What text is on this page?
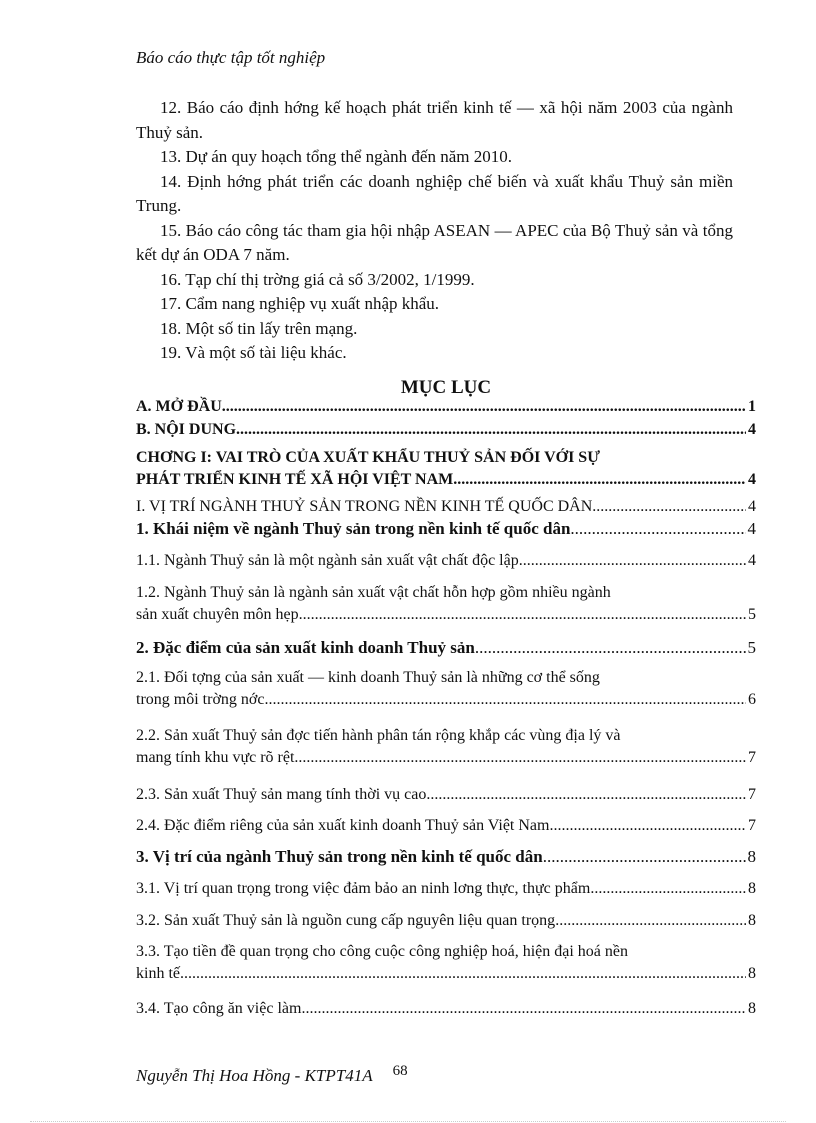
Báo cáo thực tập tốt nghiệp

12. Báo cáo định hớng kế hoạch phát triển kinh tế — xã hội năm 2003 của ngành Thuỷ sản.

13. Dự án quy hoạch tổng thể ngành đến năm 2010.

14. Định hớng phát triển các doanh nghiệp chế biến và xuất khẩu Thuỷ sản miền Trung.

15. Báo cáo công tác tham gia hội nhập ASEAN — APEC của Bộ Thuỷ sản và tổng kết dự án ODA 7 năm.

16. Tạp chí thị trờng giá cả số 3/2002, 1/1999.

17. Cẩm nang nghiệp vụ xuất nhập khẩu.

18. Một số tin lấy trên mạng.

19. Và một số tài liệu khác.

MỤC LỤC
A. MỞ ĐẦU .....	1
B. NỘI DUNG .....	4
CHƠNG I: VAI TRÒ CỦA XUẤT KHẨU THUỶ SẢN ĐỐI VỚI SỰ
PHÁT TRIỂN KINH TẾ XÃ HỘI VIỆT NAM .....	4
I. VỊ TRÍ NGÀNH THUỶ SẢN TRONG NỀN KINH TẾ QUỐC DÂN .....	4
1. Khái niệm về ngành Thuỷ sản trong nền kinh tế quốc dân .....	4
1.1. Ngành Thuỷ sản là một ngành sản xuất vật chất độc lập .....	4
1.2. Ngành Thuỷ sản là ngành sản xuất vật chất hỗn hợp gồm nhiều ngành
sản xuất chuyên môn hẹp. .....	5
2. Đặc điểm của sản xuất kinh doanh Thuỷ sản .....	5
2.1. Đối tợng của sản xuất — kinh doanh Thuỷ sản là những cơ thể sống
trong môi trờng nớc. .....	6
2.2. Sản xuất Thuỷ sản đợc tiến hành phân tán rộng khắp các vùng địa lý và
mang tính khu vực rõ rệt. .....	7
2.3. Sản xuất Thuỷ sản mang tính thời vụ cao .....	7
2.4. Đặc điểm riêng của sản xuất kinh doanh Thuỷ sản Việt Nam .....	7
3. Vị trí của ngành Thuỷ sản trong nền kinh tế quốc dân .....	8
3.1. Vị trí quan trọng trong việc đảm bảo an ninh lơng thực, thực phẩm .....	8
3.2. Sản xuất Thuỷ sản là nguồn cung cấp nguyên liệu quan trọng .....	8
3.3. Tạo tiền đề quan trọng cho công cuộc công nghiệp hoá, hiện đại hoá nền
kinh tế .....	8
3.4. Tạo công ăn việc làm .....	8
Nguyễn Thị Hoa Hồng - KTPT41A 68
